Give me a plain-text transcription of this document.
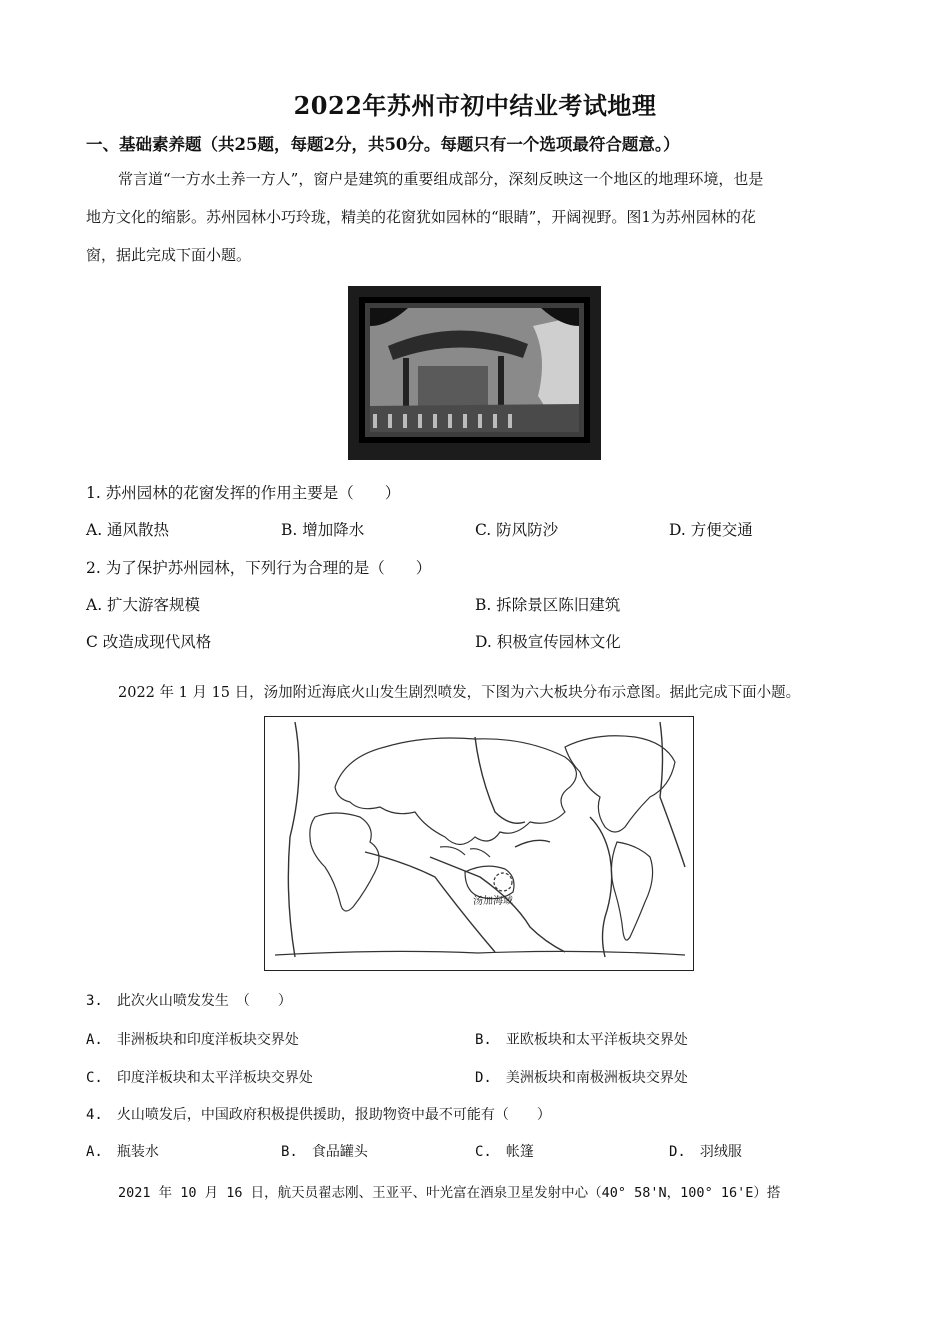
2022年苏州市初中结业考试地理
一、基础素养题（共25题，每题2分，共50分。每题只有一个选项最符合题意。）
常言道“一方水土养一方人”，窗户是建筑的重要组成部分，深刻反映这一个地区的地理环境，也是
地方文化的缩影。苏州园林小巧玲珑，精美的花窗犹如园林的“眼睛”，开阔视野。图1为苏州园林的花
窗，据此完成下面小题。
1. 苏州园林的花窗发挥的作用主要是（　　）
A. 通风散热	B. 增加降水	C. 防风防沙	D. 方便交通
2. 为了保护苏州园林，下列行为合理的是（　　）
A. 扩大游客规模	B. 拆除景区陈旧建筑
C 改造成现代风格	D. 积极宣传园林文化
2022 年 1 月 15 日，汤加附近海底火山发生剧烈喷发，下图为六大板块分布示意图。据此完成下面小题。
汤加海域
3.　此次火山喷发发生　（　　）
A.　非洲板块和印度洋板块交界处	B.　亚欧板块和太平洋板块交界处
C.　印度洋板块和太平洋板块交界处	D.　美洲板块和南极洲板块交界处
4.　火山喷发后，中国政府积极提供援助，报助物资中最不可能有（　　）
A.　瓶装水	B.　食品罐头	C.　帐篷	D.　羽绒服
2021 年 10 月 16 日，航天员翟志刚、王亚平、叶光富在酒泉卫星发射中心（40° 58'N，100° 16'E）搭
